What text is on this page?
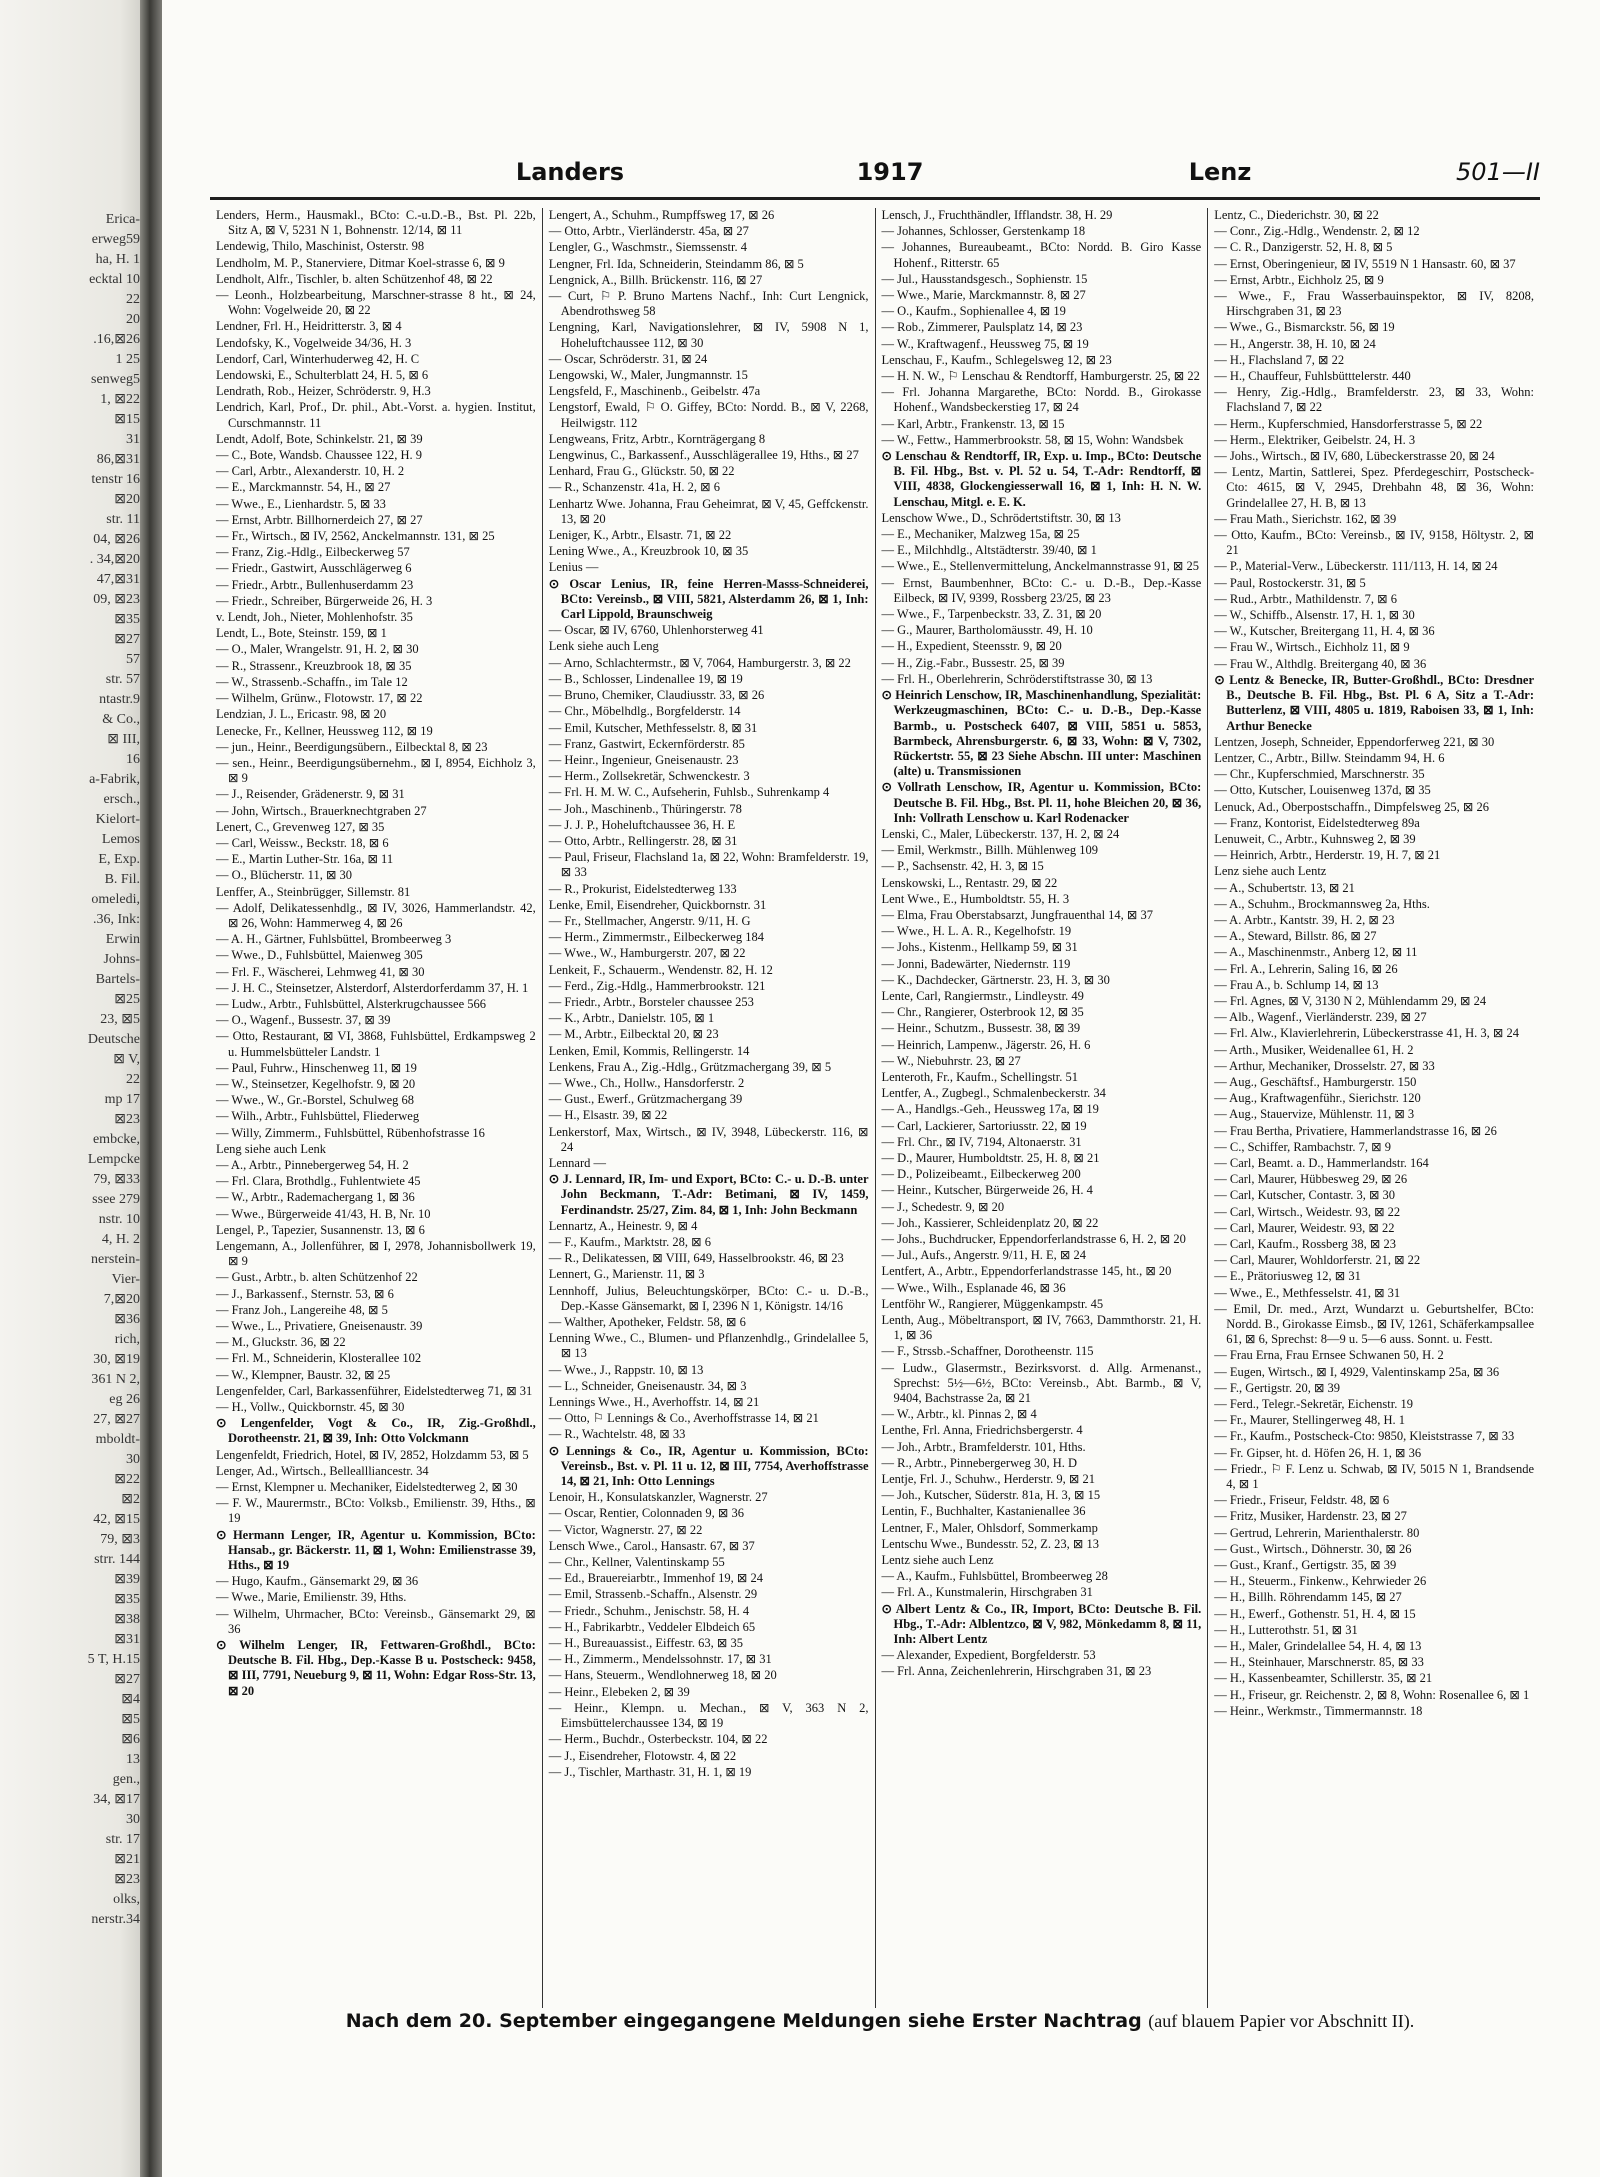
Erica-
erweg59
ha, H. 1
ecktal 10
22
20
.16,⊠26
1 25
senweg5
1, ⊠22
⊠15
31
86,⊠31
tenstr 16
⊠20
str. 11
04, ⊠26
. 34,⊠20
47,⊠31
09, ⊠23
⊠35
⊠27
57
str. 57
ntastr.9
& Co.,
⊠ III,
16
a-Fabrik,
ersch.,
Kielort-
Lemos
E, Exp.
B. Fil.
omeledi,
.36, Ink:
Erwin
Johns-
Bartels-
⊠25
23, ⊠5
Deutsche
⊠ V,
22
mp 17
⊠23
embcke,
Lempcke
79, ⊠33
ssee 279
nstr. 10
4, H. 2
nerstein-
Vier-
7,⊠20
⊠36
rich,
30, ⊠19
361 N 2,
eg 26
27, ⊠27
mboldt-
30
⊠22
⊠2
42, ⊠15
79, ⊠3
strr. 144
⊠39
⊠35
⊠38
⊠31
5 T, H.15
⊠27
⊠4
⊠5
⊠6
13
gen.,
34, ⊠17
30
str. 17
⊠21
⊠23
olks,
nerstr.34
Landers	1917	Lenz	501—II
Lenders, Herm., Hausmakl., BCto: C.-u.D.-B., Bst. Pl. 22b, Sitz A, ⊠ V, 5231 N 1, Bohnenstr. 12/14, ⊠ 11
Lendewig, Thilo, Maschinist, Osterstr. 98
Lendholm, M. P., Stanerviere, Ditmar Koel-strasse 6, ⊠ 9
Lendholt, Alfr., Tischler, b. alten Schützenhof 48, ⊠ 22
— Leonh., Holzbearbeitung, Marschner-strasse 8 ht., ⊠ 24, Wohn: Vogelweide 20, ⊠ 22
Lendner, Frl. H., Heidritterstr. 3, ⊠ 4
Lendofsky, K., Vogelweide 34/36, H. 3
Lendorf, Carl, Winterhuderweg 42, H. C
Lendowski, E., Schulterblatt 24, H. 5, ⊠ 6
Lendrath, Rob., Heizer, Schröderstr. 9, H.3
Lendrich, Karl, Prof., Dr. phil., Abt.-Vorst. a. hygien. Institut, Curschmannstr. 11
Lendt, Adolf, Bote, Schinkelstr. 21, ⊠ 39
— C., Bote, Wandsb. Chaussee 122, H. 9
— Carl, Arbtr., Alexanderstr. 10, H. 2
— E., Marckmannstr. 54, H., ⊠ 27
— Wwe., E., Lienhardstr. 5, ⊠ 33
— Ernst, Arbtr. Billhornerdeich 27, ⊠ 27
— Fr., Wirtsch., ⊠ IV, 2562, Anckelmannstr. 131, ⊠ 25
— Franz, Zig.-Hdlg., Eilbeckerweg 57
— Friedr., Gastwirt, Ausschlägerweg 6
— Friedr., Arbtr., Bullenhuserdamm 23
— Friedr., Schreiber, Bürgerweide 26, H. 3
v. Lendt, Joh., Nieter, Mohlenhofstr. 35
Lendt, L., Bote, Steinstr. 159, ⊠ 1
— O., Maler, Wrangelstr. 91, H. 2, ⊠ 30
— R., Strassenr., Kreuzbrook 18, ⊠ 35
— W., Strassenb.-Schaffn., im Tale 12
— Wilhelm, Grünw., Flotowstr. 17, ⊠ 22
Lendzian, J. L., Ericastr. 98, ⊠ 20
Lenecke, Fr., Kellner, Heussweg 112, ⊠ 19
— jun., Heinr., Beerdigungsübern., Eilbecktal 8, ⊠ 23
— sen., Heinr., Beerdigungsübernehm., ⊠ I, 8954, Eichholz 3, ⊠ 9
— J., Reisender, Grädenerstr. 9, ⊠ 31
— John, Wirtsch., Brauerknechtgraben 27
Lenert, C., Grevenweg 127, ⊠ 35
— Carl, Weissw., Beckstr. 18, ⊠ 6
— E., Martin Luther-Str. 16a, ⊠ 11
— O., Blücherstr. 11, ⊠ 30
Lenffer, A., Steinbrügger, Sillemstr. 81
— Adolf, Delikatessenhdlg., ⊠ IV, 3026, Hammerlandstr. 42, ⊠ 26, Wohn: Hammerweg 4, ⊠ 26
— A. H., Gärtner, Fuhlsbüttel, Brombeerweg 3
— Wwe., D., Fuhlsbüttel, Maienweg 305
— Frl. F., Wäscherei, Lehmweg 41, ⊠ 30
— J. H. C., Steinsetzer, Alsterdorf, Alsterdorferdamm 37, H. 1
— Ludw., Arbtr., Fuhlsbüttel, Alsterkrugchaussee 566
— O., Wagenf., Bussestr. 37, ⊠ 39
— Otto, Restaurant, ⊠ VI, 3868, Fuhlsbüttel, Erdkampsweg 2 u. Hummelsbütteler Landstr. 1
— Paul, Fuhrw., Hinschenweg 11, ⊠ 19
— W., Steinsetzer, Kegelhofstr. 9, ⊠ 20
— Wwe., W., Gr.-Borstel, Schulweg 68
— Wilh., Arbtr., Fuhlsbüttel, Fliederweg
— Willy, Zimmerm., Fuhlsbüttel, Rübenhofstrasse 16
Leng siehe auch Lenk
— A., Arbtr., Pinnebergerweg 54, H. 2
— Frl. Clara, Brothdlg., Fuhlentwiete 45
— W., Arbtr., Rademachergang 1, ⊠ 36
— Wwe., Bürgerweide 41/43, H. B, Nr. 10
Lengel, P., Tapezier, Susannenstr. 13, ⊠ 6
Lengemann, A., Jollenführer, ⊠ I, 2978, Johannisbollwerk 19, ⊠ 9
— Gust., Arbtr., b. alten Schützenhof 22
— J., Barkassenf., Sternstr. 53, ⊠ 6
— Franz Joh., Langereihe 48, ⊠ 5
— Wwe., L., Privatiere, Gneisenaustr. 39
— M., Gluckstr. 36, ⊠ 22
— Frl. M., Schneiderin, Klosterallee 102
— W., Klempner, Baustr. 32, ⊠ 25
Lengenfelder, Carl, Barkassenführer, Eidelstedterweg 71, ⊠ 31
— H., Vollw., Quickbornstr. 45, ⊠ 30
⊙ Lengenfelder, Vogt & Co., IR, Zig.-Großhdl., Dorotheenstr. 21, ⊠ 39, Inh: Otto Volckmann
Lengenfeldt, Friedrich, Hotel, ⊠ IV, 2852, Holzdamm 53, ⊠ 5
Lenger, Ad., Wirtsch., Belleallliancestr. 34
— Ernst, Klempner u. Mechaniker, Eidelstedterweg 2, ⊠ 30
— F. W., Maurermstr., BCto: Volksb., Emilienstr. 39, Hths., ⊠ 19
⊙ Hermann Lenger, IR, Agentur u. Kommission, BCto: Hansab., gr. Bäckerstr. 11, ⊠ 1, Wohn: Emilienstrasse 39, Hths., ⊠ 19
— Hugo, Kaufm., Gänsemarkt 29, ⊠ 36
— Wwe., Marie, Emilienstr. 39, Hths.
— Wilhelm, Uhrmacher, BCto: Vereinsb., Gänsemarkt 29, ⊠ 36
⊙ Wilhelm Lenger, IR, Fettwaren-Großhdl., BCto: Deutsche B. Fil. Hbg., Dep.-Kasse B u. Postscheck: 9458, ⊠ III, 7791, Neueburg 9, ⊠ 11, Wohn: Edgar Ross-Str. 13, ⊠ 20
Lengert, A., Schuhm., Rumpffsweg 17, ⊠ 26
— Otto, Arbtr., Vierländerstr. 45a, ⊠ 27
Lengler, G., Waschmstr., Siemssenstr. 4
Lengner, Frl. Ida, Schneiderin, Steindamm 86, ⊠ 5
Lengnick, A., Billh. Brückenstr. 116, ⊠ 27
— Curt, ⚐ P. Bruno Martens Nachf., Inh: Curt Lengnick, Abendrothsweg 58
Lengning, Karl, Navigationslehrer, ⊠ IV, 5908 N 1, Hoheluftchaussee 112, ⊠ 30
— Oscar, Schröderstr. 31, ⊠ 24
Lengowski, W., Maler, Jungmannstr. 15
Lengsfeld, F., Maschinenb., Geibelstr. 47a
Lengstorf, Ewald, ⚐ O. Giffey, BCto: Nordd. B., ⊠ V, 2268, Heilwigstr. 112
Lengweans, Fritz, Arbtr., Kornträgergang 8
Lengwinus, C., Barkassenf., Ausschlägerallee 19, Hths., ⊠ 27
Lenhard, Frau G., Glückstr. 50, ⊠ 22
— R., Schanzenstr. 41a, H. 2, ⊠ 6
Lenhartz Wwe. Johanna, Frau Geheimrat, ⊠ V, 45, Geffckenstr. 13, ⊠ 20
Leniger, K., Arbtr., Elsastr. 71, ⊠ 22
Lening Wwe., A., Kreuzbrook 10, ⊠ 35
Lenius —
⊙ Oscar Lenius, IR, feine Herren-Masss-Schneiderei, BCto: Vereinsb., ⊠ VIII, 5821, Alsterdamm 26, ⊠ 1, Inh: Carl Lippold, Braunschweig
— Oscar, ⊠ IV, 6760, Uhlenhorsterweg 41
Lenk siehe auch Leng
— Arno, Schlachtermstr., ⊠ V, 7064, Hamburgerstr. 3, ⊠ 22
— B., Schlosser, Lindenallee 19, ⊠ 19
— Bruno, Chemiker, Claudiusstr. 33, ⊠ 26
— Chr., Möbelhdlg., Borgfelderstr. 14
— Emil, Kutscher, Methfesselstr. 8, ⊠ 31
— Franz, Gastwirt, Eckernförderstr. 85
— Heinr., Ingenieur, Gneisenaustr. 23
— Herm., Zollsekretär, Schwenckestr. 3
— Frl. H. M. W. C., Aufseherin, Fuhlsb., Suhrenkamp 4
— Joh., Maschinenb., Thüringerstr. 78
— J. J. P., Hoheluftchaussee 36, H. E
— Otto, Arbtr., Rellingerstr. 28, ⊠ 31
— Paul, Friseur, Flachsland 1a, ⊠ 22, Wohn: Bramfelderstr. 19, ⊠ 33
— R., Prokurist, Eidelstedterweg 133
Lenke, Emil, Eisendreher, Quickbornstr. 31
— Fr., Stellmacher, Angerstr. 9/11, H. G
— Herm., Zimmermstr., Eilbeckerweg 184
— Wwe., W., Hamburgerstr. 207, ⊠ 22
Lenkeit, F., Schauerm., Wendenstr. 82, H. 12
— Ferd., Zig.-Hdlg., Hammerbrookstr. 121
— Friedr., Arbtr., Borsteler chaussee 253
— K., Arbtr., Danielstr. 105, ⊠ 1
— M., Arbtr., Eilbecktal 20, ⊠ 23
Lenken, Emil, Kommis, Rellingerstr. 14
Lenkens, Frau A., Zig.-Hdlg., Grützmachergang 39, ⊠ 5
— Wwe., Ch., Hollw., Hansdorferstr. 2
— Gust., Ewerf., Grützmachergang 39
— H., Elsastr. 39, ⊠ 22
Lenkerstorf, Max, Wirtsch., ⊠ IV, 3948, Lübeckerstr. 116, ⊠ 24
Lennard —
⊙ J. Lennard, IR, Im- und Export, BCto: C.- u. D.-B. unter John Beckmann, T.-Adr: Betimani, ⊠ IV, 1459, Ferdinandstr. 25/27, Zim. 84, ⊠ 1, Inh: John Beckmann
Lennartz, A., Heinestr. 9, ⊠ 4
— F., Kaufm., Marktstr. 28, ⊠ 6
— R., Delikatessen, ⊠ VIII, 649, Hasselbrookstr. 46, ⊠ 23
Lennert, G., Marienstr. 11, ⊠ 3
Lennhoff, Julius, Beleuchtungskörper, BCto: C.- u. D.-B., Dep.-Kasse Gänsemarkt, ⊠ I, 2396 N 1, Königstr. 14/16
— Walther, Apotheker, Feldstr. 58, ⊠ 6
Lenning Wwe., C., Blumen- und Pflanzenhdlg., Grindelallee 5, ⊠ 13
— Wwe., J., Rappstr. 10, ⊠ 13
— L., Schneider, Gneisenaustr. 34, ⊠ 3
Lennings Wwe., H., Averhoffstr. 14, ⊠ 21
— Otto, ⚐ Lennings & Co., Averhoffstrasse 14, ⊠ 21
— R., Wachtelstr. 48, ⊠ 33
⊙ Lennings & Co., IR, Agentur u. Kommission, BCto: Vereinsb., Bst. v. Pl. 11 u. 12, ⊠ III, 7754, Averhoffstrasse 14, ⊠ 21, Inh: Otto Lennings
Lenoir, H., Konsulatskanzler, Wagnerstr. 27
— Oscar, Rentier, Colonnaden 9, ⊠ 36
— Victor, Wagnerstr. 27, ⊠ 22
Lensch Wwe., Carol., Hansastr. 67, ⊠ 37
— Chr., Kellner, Valentinskamp 55
— Ed., Brauereiarbtr., Immenhof 19, ⊠ 24
— Emil, Strassenb.-Schaffn., Alsenstr. 29
— Friedr., Schuhm., Jenischstr. 58, H. 4
— H., Fabrikarbtr., Veddeler Elbdeich 65
— H., Bureauassist., Eiffestr. 63, ⊠ 35
— H., Zimmerm., Mendelssohnstr. 17, ⊠ 31
— Hans, Steuerm., Wendlohnerweg 18, ⊠ 20
— Heinr., Elebeken 2, ⊠ 39
— Heinr., Klempn. u. Mechan., ⊠ V, 363 N 2, Eimsbüttelerchaussee 134, ⊠ 19
— Herm., Buchdr., Osterbeckstr. 104, ⊠ 22
— J., Eisendreher, Flotowstr. 4, ⊠ 22
— J., Tischler, Marthastr. 31, H. 1, ⊠ 19
Lensch, J., Fruchthändler, Ifflandstr. 38, H. 29
— Johannes, Schlosser, Gerstenkamp 18
— Johannes, Bureaubeamt., BCto: Nordd. B. Giro Kasse Hohenf., Ritterstr. 65
— Jul., Hausstandsgesch., Sophienstr. 15
— Wwe., Marie, Marckmannstr. 8, ⊠ 27
— O., Kaufm., Sophienallee 4, ⊠ 19
— Rob., Zimmerer, Paulsplatz 14, ⊠ 23
— W., Kraftwagenf., Heussweg 75, ⊠ 19
Lenschau, F., Kaufm., Schlegelsweg 12, ⊠ 23
— H. N. W., ⚐ Lenschau & Rendtorff, Hamburgerstr. 25, ⊠ 22
— Frl. Johanna Margarethe, BCto: Nordd. B., Girokasse Hohenf., Wandsbeckerstieg 17, ⊠ 24
— Karl, Arbtr., Frankenstr. 13, ⊠ 15
— W., Fettw., Hammerbrookstr. 58, ⊠ 15, Wohn: Wandsbek
⊙ Lenschau & Rendtorff, IR, Exp. u. Imp., BCto: Deutsche B. Fil. Hbg., Bst. v. Pl. 52 u. 54, T.-Adr: Rendtorff, ⊠ VIII, 4838, Glockengiesserwall 16, ⊠ 1, Inh: H. N. W. Lenschau, Mitgl. e. E. K.
Lenschow Wwe., D., Schrödertstiftstr. 30, ⊠ 13
— E., Mechaniker, Malzweg 15a, ⊠ 25
— E., Milchhdlg., Altstädterstr. 39/40, ⊠ 1
— Wwe., E., Stellenvermittelung, Anckelmannstrasse 91, ⊠ 25
— Ernst, Baumbenhner, BCto: C.- u. D.-B., Dep.-Kasse Eilbeck, ⊠ IV, 9399, Rossberg 23/25, ⊠ 23
— Wwe., F., Tarpenbeckstr. 33, Z. 31, ⊠ 20
— G., Maurer, Bartholomäusstr. 49, H. 10
— H., Expedient, Steensstr. 9, ⊠ 20
— H., Zig.-Fabr., Bussestr. 25, ⊠ 39
— Frl. H., Oberlehrerin, Schröderstiftstrasse 30, ⊠ 13
⊙ Heinrich Lenschow, IR, Maschinenhandlung, Spezialität: Werkzeugmaschinen, BCto: C.- u. D.-B., Dep.-Kasse Barmb., u. Postscheck 6407, ⊠ VIII, 5851 u. 5853, Barmbeck, Ahrensburgerstr. 6, ⊠ 33, Wohn: ⊠ V, 7302, Rückertstr. 55, ⊠ 23 Siehe Abschn. III unter: Maschinen (alte) u. Transmissionen
⊙ Vollrath Lenschow, IR, Agentur u. Kommission, BCto: Deutsche B. Fil. Hbg., Bst. Pl. 11, hohe Bleichen 20, ⊠ 36, Inh: Vollrath Lenschow u. Karl Rodenacker
Lenski, C., Maler, Lübeckerstr. 137, H. 2, ⊠ 24
— Emil, Werkmstr., Billh. Mühlenweg 109
— P., Sachsenstr. 42, H. 3, ⊠ 15
Lenskowski, L., Rentastr. 29, ⊠ 22
Lent Wwe., E., Humboldtstr. 55, H. 3
— Elma, Frau Oberstabsarzt, Jungfrauenthal 14, ⊠ 37
— Wwe., H. L. A. R., Kegelhofstr. 19
— Johs., Kistenm., Hellkamp 59, ⊠ 31
— Jonni, Badewärter, Niedernstr. 119
— K., Dachdecker, Gärtnerstr. 23, H. 3, ⊠ 30
Lente, Carl, Rangiermstr., Lindleystr. 49
— Chr., Rangierer, Osterbrook 12, ⊠ 35
— Heinr., Schutzm., Bussestr. 38, ⊠ 39
— Heinrich, Lampenw., Jägerstr. 26, H. 6
— W., Niebuhrstr. 23, ⊠ 27
Lenteroth, Fr., Kaufm., Schellingstr. 51
Lentfer, A., Zugbegl., Schmalenbeckerstr. 34
— A., Handlgs.-Geh., Heussweg 17a, ⊠ 19
— Carl, Lackierer, Sartoriusstr. 22, ⊠ 19
— Frl. Chr., ⊠ IV, 7194, Altonaerstr. 31
— D., Maurer, Humboldtstr. 25, H. 8, ⊠ 21
— D., Polizeibeamt., Eilbeckerweg 200
— Heinr., Kutscher, Bürgerweide 26, H. 4
— J., Schedestr. 9, ⊠ 20
— Joh., Kassierer, Schleidenplatz 20, ⊠ 22
— Johs., Buchdrucker, Eppendorferlandstrasse 6, H. 2, ⊠ 20
— Jul., Aufs., Angerstr. 9/11, H. E, ⊠ 24
Lentfert, A., Arbtr., Eppendorferlandstrasse 145, ht., ⊠ 20
— Wwe., Wilh., Esplanade 46, ⊠ 36
Lentföhr W., Rangierer, Müggenkampstr. 45
Lenth, Aug., Möbeltransport, ⊠ IV, 7663, Dammthorstr. 21, H. 1, ⊠ 36
— F., Strssb.-Schaffner, Dorotheenstr. 115
— Ludw., Glasermstr., Bezirksvorst. d. Allg. Armenanst., Sprechst: 5½—6½, BCto: Vereinsb., Abt. Barmb., ⊠ V, 9404, Bachstrasse 2a, ⊠ 21
— W., Arbtr., kl. Pinnas 2, ⊠ 4
Lenthe, Frl. Anna, Friedrichsbergerstr. 4
— Joh., Arbtr., Bramfelderstr. 101, Hths.
— R., Arbtr., Pinnebergerweg 30, H. D
Lentje, Frl. J., Schuhw., Herderstr. 9, ⊠ 21
— Joh., Kutscher, Süderstr. 81a, H. 3, ⊠ 15
Lentin, F., Buchhalter, Kastanienallee 36
Lentner, F., Maler, Ohlsdorf, Sommerkamp
Lentschu Wwe., Bundesstr. 52, Z. 23, ⊠ 13
Lentz siehe auch Lenz
— A., Kaufm., Fuhlsbüttel, Brombeerweg 28
— Frl. A., Kunstmalerin, Hirschgraben 31
⊙ Albert Lentz & Co., IR, Import, BCto: Deutsche B. Fil. Hbg., T.-Adr: Alblentzco, ⊠ V, 982, Mönkedamm 8, ⊠ 11, Inh: Albert Lentz
— Alexander, Expedient, Borgfelderstr. 53
— Frl. Anna, Zeichenlehrerin, Hirschgraben 31, ⊠ 23
Lentz, C., Diederichstr. 30, ⊠ 22
— Conr., Zig.-Hdlg., Wendenstr. 2, ⊠ 12
— C. R., Danzigerstr. 52, H. 8, ⊠ 5
— Ernst, Oberingenieur, ⊠ IV, 5519 N 1 Hansastr. 60, ⊠ 37
— Ernst, Arbtr., Eichholz 25, ⊠ 9
— Wwe., F., Frau Wasserbauinspektor, ⊠ IV, 8208, Hirschgraben 31, ⊠ 23
— Wwe., G., Bismarckstr. 56, ⊠ 19
— H., Angerstr. 38, H. 10, ⊠ 24
— H., Flachsland 7, ⊠ 22
— H., Chauffeur, Fuhlsbütttelerstr. 440
— Henry, Zig.-Hdlg., Bramfelderstr. 23, ⊠ 33, Wohn: Flachsland 7, ⊠ 22
— Herm., Kupferschmied, Hansdorferstrasse 5, ⊠ 22
— Herm., Elektriker, Geibelstr. 24, H. 3
— Johs., Wirtsch., ⊠ IV, 680, Lübeckerstrasse 20, ⊠ 24
— Lentz, Martin, Sattlerei, Spez. Pferdegeschirr, Postscheck-Cto: 4615, ⊠ V, 2945, Drehbahn 48, ⊠ 36, Wohn: Grindelallee 27, H. B, ⊠ 13
— Frau Math., Sierichstr. 162, ⊠ 39
— Otto, Kaufm., BCto: Vereinsb., ⊠ IV, 9158, Höltystr. 2, ⊠ 21
— P., Material-Verw., Lübeckerstr. 111/113, H. 14, ⊠ 24
— Paul, Rostockerstr. 31, ⊠ 5
— Rud., Arbtr., Mathildenstr. 7, ⊠ 6
— W., Schiffb., Alsenstr. 17, H. 1, ⊠ 30
— W., Kutscher, Breitergang 11, H. 4, ⊠ 36
— Frau W., Wirtsch., Eichholz 11, ⊠ 9
— Frau W., Althdlg. Breitergang 40, ⊠ 36
⊙ Lentz & Benecke, IR, Butter-Großhdl., BCto: Dresdner B., Deutsche B. Fil. Hbg., Bst. Pl. 6 A, Sitz a T.-Adr: Butterlenz, ⊠ VIII, 4805 u. 1819, Raboisen 33, ⊠ 1, Inh: Arthur Benecke
Lentzen, Joseph, Schneider, Eppendorferweg 221, ⊠ 30
Lentzer, C., Arbtr., Billw. Steindamm 94, H. 6
— Chr., Kupferschmied, Marschnerstr. 35
— Otto, Kutscher, Louisenweg 137d, ⊠ 35
Lenuck, Ad., Oberpostschaffn., Dimpfelsweg 25, ⊠ 26
— Franz, Kontorist, Eidelstedterweg 89a
Lenuweit, C., Arbtr., Kuhnsweg 2, ⊠ 39
— Heinrich, Arbtr., Herderstr. 19, H. 7, ⊠ 21
Lenz siehe auch Lentz
— A., Schubertstr. 13, ⊠ 21
— A., Schuhm., Brockmannsweg 2a, Hths.
— A. Arbtr., Kantstr. 39, H. 2, ⊠ 23
— A., Steward, Billstr. 86, ⊠ 27
— A., Maschinenmstr., Anberg 12, ⊠ 11
— Frl. A., Lehrerin, Saling 16, ⊠ 26
— Frau A., b. Schlump 14, ⊠ 13
— Frl. Agnes, ⊠ V, 3130 N 2, Mühlendamm 29, ⊠ 24
— Alb., Wagenf., Vierländerstr. 239, ⊠ 27
— Frl. Alw., Klavierlehrerin, Lübeckerstrasse 41, H. 3, ⊠ 24
— Arth., Musiker, Weidenallee 61, H. 2
— Arthur, Mechaniker, Drosselstr. 27, ⊠ 33
— Aug., Geschäftsf., Hamburgerstr. 150
— Aug., Kraftwagenführ., Sierichstr. 120
— Aug., Stauervize, Mühlenstr. 11, ⊠ 3
— Frau Bertha, Privatiere, Hammerlandstrasse 16, ⊠ 26
— C., Schiffer, Rambachstr. 7, ⊠ 9
— Carl, Beamt. a. D., Hammerlandstr. 164
— Carl, Maurer, Hübbesweg 29, ⊠ 26
— Carl, Kutscher, Contastr. 3, ⊠ 30
— Carl, Wirtsch., Weidestr. 93, ⊠ 22
— Carl, Maurer, Weidestr. 93, ⊠ 22
— Carl, Kaufm., Rossberg 38, ⊠ 23
— Carl, Maurer, Wohldorferstr. 21, ⊠ 22
— E., Prätoriusweg 12, ⊠ 31
— Wwe., E., Methfesselstr. 41, ⊠ 31
— Emil, Dr. med., Arzt, Wundarzt u. Geburtshelfer, BCto: Nordd. B., Girokasse Eimsb., ⊠ IV, 1261, Schäferkampsallee 61, ⊠ 6, Sprechst: 8—9 u. 5—6 auss. Sonnt. u. Festt.
— Frau Erna, Frau Ernsee Schwanen 50, H. 2
— Eugen, Wirtsch., ⊠ I, 4929, Valentinskamp 25a, ⊠ 36
— F., Gertigstr. 20, ⊠ 39
— Ferd., Telegr.-Sekretär, Eichenstr. 19
— Fr., Maurer, Stellingerweg 48, H. 1
— Fr., Kaufm., Postscheck-Cto: 9850, Kleiststrasse 7, ⊠ 33
— Fr. Gipser, ht. d. Höfen 26, H. 1, ⊠ 36
— Friedr., ⚐ F. Lenz u. Schwab, ⊠ IV, 5015 N 1, Brandsende 4, ⊠ 1
— Friedr., Friseur, Feldstr. 48, ⊠ 6
— Fritz, Musiker, Hardenstr. 23, ⊠ 27
— Gertrud, Lehrerin, Marienthalerstr. 80
— Gust., Wirtsch., Döhnerstr. 30, ⊠ 26
— Gust., Kranf., Gertigstr. 35, ⊠ 39
— H., Steuerm., Finkenw., Kehrwieder 26
— H., Billh. Röhrendamm 145, ⊠ 27
— H., Ewerf., Gothenstr. 51, H. 4, ⊠ 15
— H., Lutterothstr. 51, ⊠ 31
— H., Maler, Grindelallee 54, H. 4, ⊠ 13
— H., Steinhauer, Marschnerstr. 85, ⊠ 33
— H., Kassenbeamter, Schillerstr. 35, ⊠ 21
— H., Friseur, gr. Reichenstr. 2, ⊠ 8, Wohn: Rosenallee 6, ⊠ 1
— Heinr., Werkmstr., Timmermannstr. 18
Nach dem 20. September eingegangene Meldungen siehe Erster Nachtrag (auf blauem Papier vor Abschnitt II).
